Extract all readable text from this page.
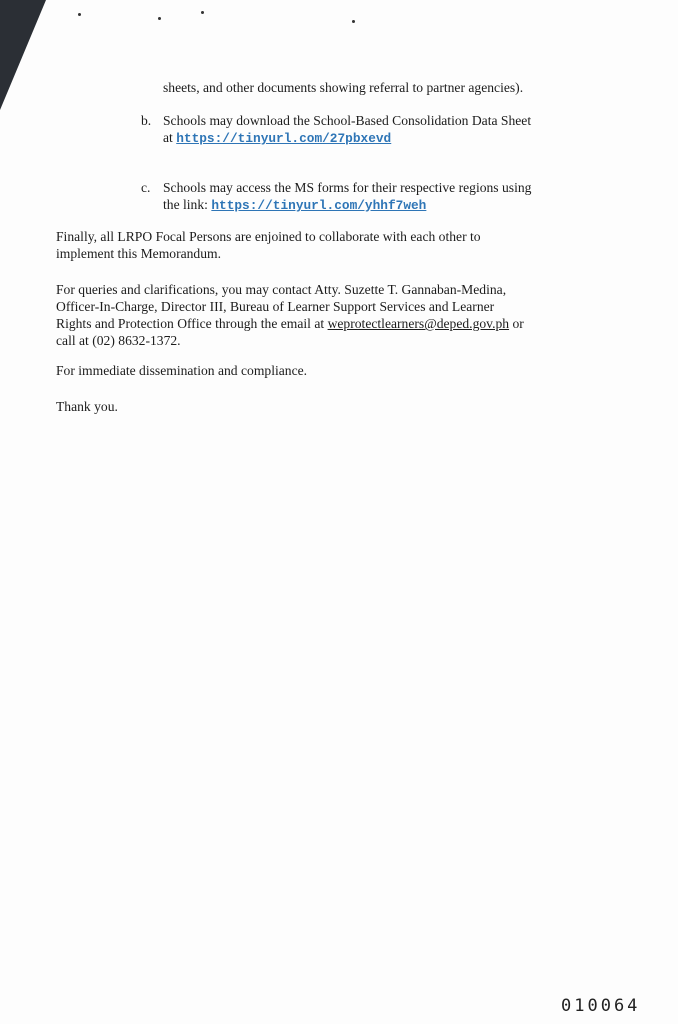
sheets, and other documents showing referral to partner agencies).
b. Schools may download the School-Based Consolidation Data Sheet
at https://tinyurl.com/27pbxevd
c. Schools may access the MS forms for their respective regions using
the link: https://tinyurl.com/yhhf7weh
Finally, all LRPO Focal Persons are enjoined to collaborate with each other to
implement this Memorandum.
For queries and clarifications, you may contact Atty. Suzette T. Gannaban-Medina,
Officer-In-Charge, Director III, Bureau of Learner Support Services and Learner
Rights and Protection Office through the email at weprotectlearners@deped.gov.ph or
call at (02) 8632-1372.
For immediate dissemination and compliance.
Thank you.
010064
